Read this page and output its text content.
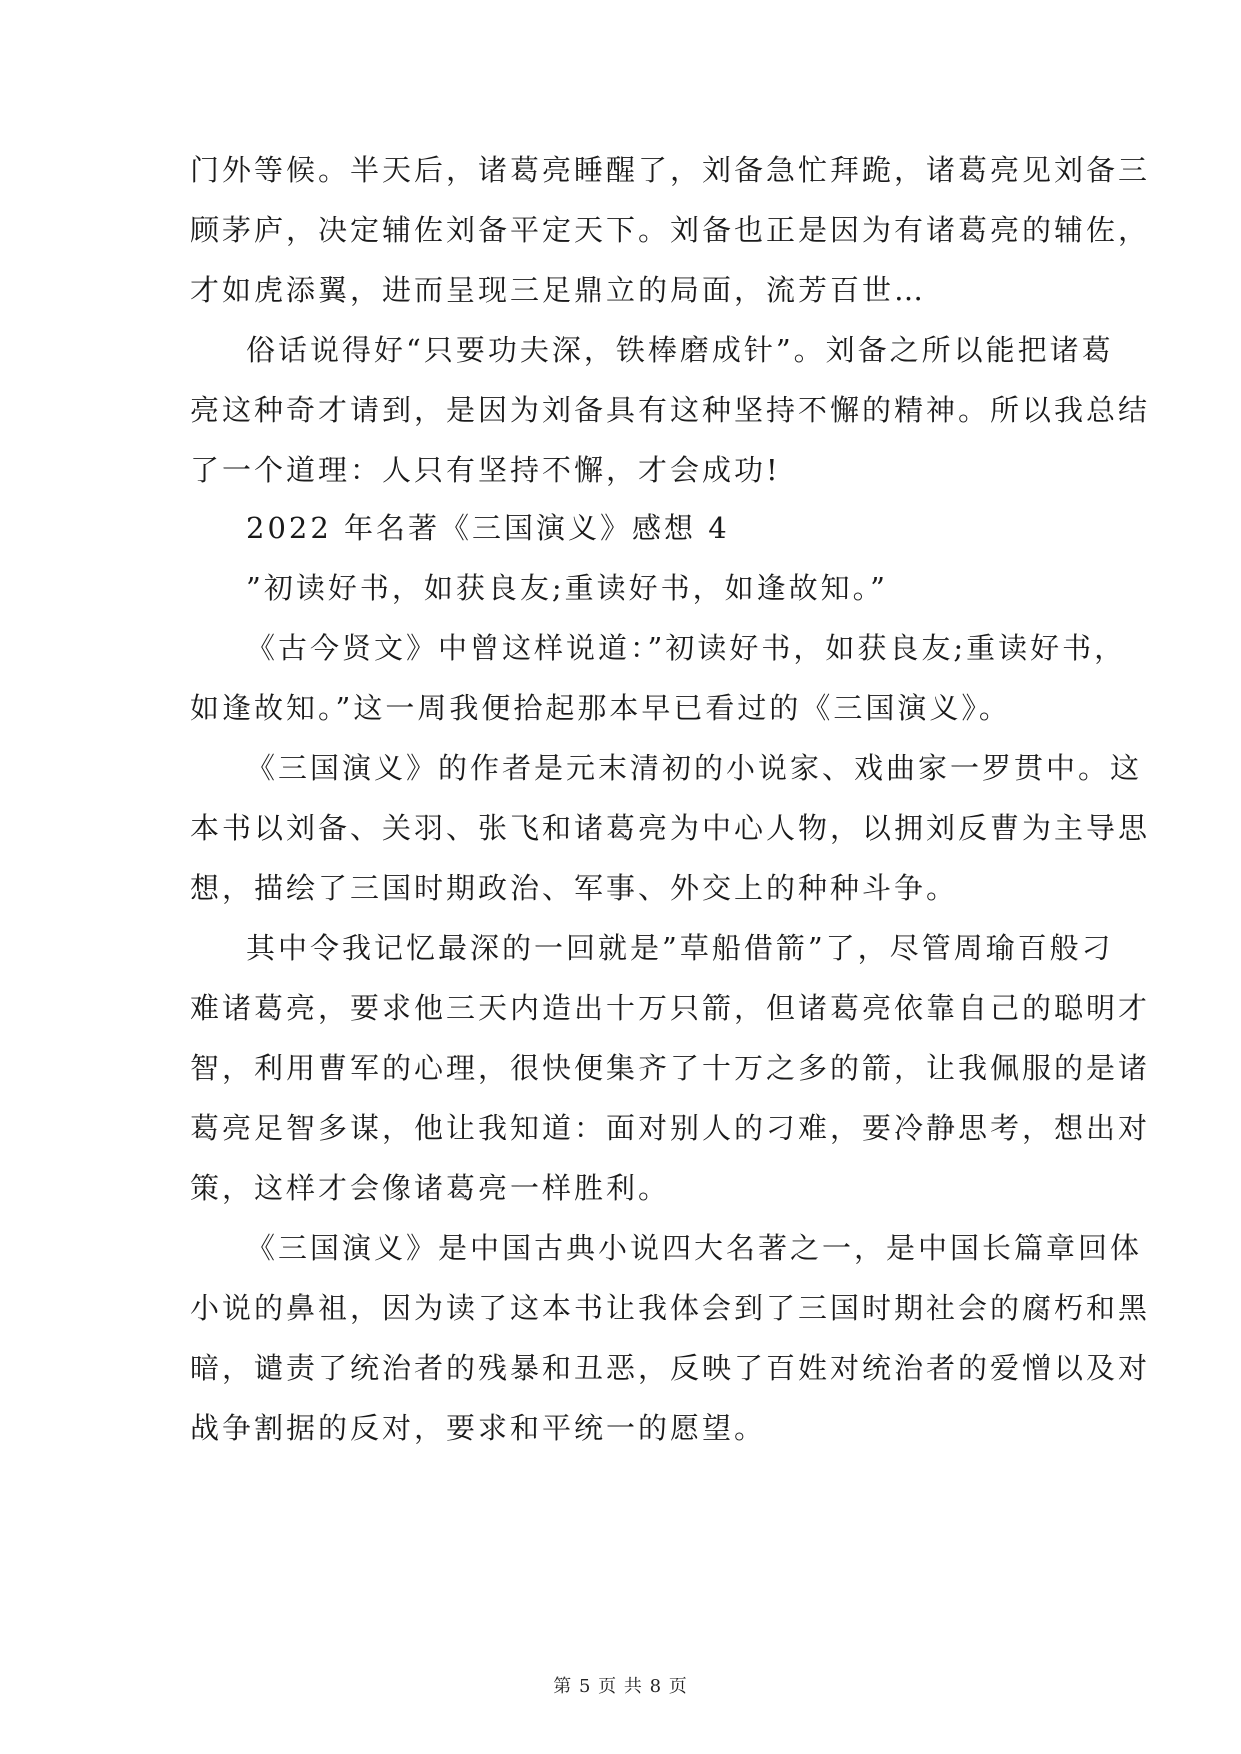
门外等候。半天后，诸葛亮睡醒了，刘备急忙拜跪，诸葛亮见刘备三
顾茅庐，决定辅佐刘备平定天下。刘备也正是因为有诸葛亮的辅佐，
才如虎添翼，进而呈现三足鼎立的局面，流芳百世…
俗话说得好“只要功夫深，铁棒磨成针”。刘备之所以能把诸葛
亮这种奇才请到，是因为刘备具有这种坚持不懈的精神。所以我总结
了一个道理：人只有坚持不懈，才会成功!
2022 年名著《三国演义》感想 4
”初读好书，如获良友;重读好书，如逢故知。”
《古今贤文》中曾这样说道：”初读好书，如获良友;重读好书，
如逢故知。”这一周我便拾起那本早已看过的《三国演义》。
《三国演义》的作者是元末清初的小说家、戏曲家一罗贯中。这
本书以刘备、关羽、张飞和诸葛亮为中心人物，以拥刘反曹为主导思
想，描绘了三国时期政治、军事、外交上的种种斗争。
其中令我记忆最深的一回就是”草船借箭”了，尽管周瑜百般刁
难诸葛亮，要求他三天内造出十万只箭，但诸葛亮依靠自己的聪明才
智，利用曹军的心理，很快便集齐了十万之多的箭，让我佩服的是诸
葛亮足智多谋，他让我知道：面对别人的刁难，要冷静思考，想出对
策，这样才会像诸葛亮一样胜利。
《三国演义》是中国古典小说四大名著之一，是中国长篇章回体
小说的鼻祖，因为读了这本书让我体会到了三国时期社会的腐朽和黑
暗，谴责了统治者的残暴和丑恶，反映了百姓对统治者的爱憎以及对
战争割据的反对，要求和平统一的愿望。
第 5 页 共 8 页
